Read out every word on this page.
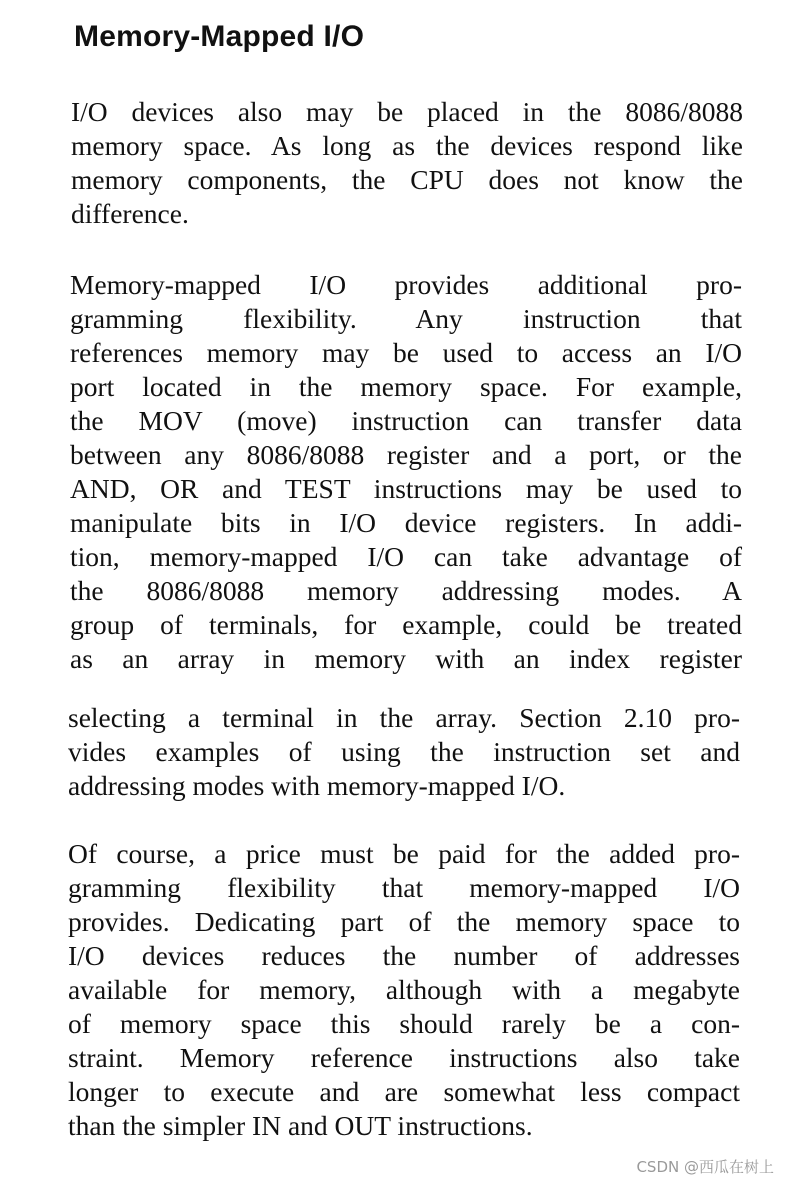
Memory-Mapped I/O
I/O devices also may be placed in the 8086/8088
memory space. As long as the devices respond like
memory components, the CPU does not know the
difference.
Memory-mapped I/O provides additional pro-
gramming flexibility. Any instruction that
references memory may be used to access an I/O
port located in the memory space. For example,
the MOV (move) instruction can transfer data
between any 8086/8088 register and a port, or the
AND, OR and TEST instructions may be used to
manipulate bits in I/O device registers. In addi-
tion, memory-mapped I/O can take advantage of
the 8086/8088 memory addressing modes. A
group of terminals, for example, could be treated
as an array in memory with an index register
selecting a terminal in the array. Section 2.10 pro-
vides examples of using the instruction set and
addressing modes with memory-mapped I/O.
Of course, a price must be paid for the added pro-
gramming flexibility that memory-mapped I/O
provides. Dedicating part of the memory space to
I/O devices reduces the number of addresses
available for memory, although with a megabyte
of memory space this should rarely be a con-
straint. Memory reference instructions also take
longer to execute and are somewhat less compact
than the simpler IN and OUT instructions.
CSDN @西瓜在树上
